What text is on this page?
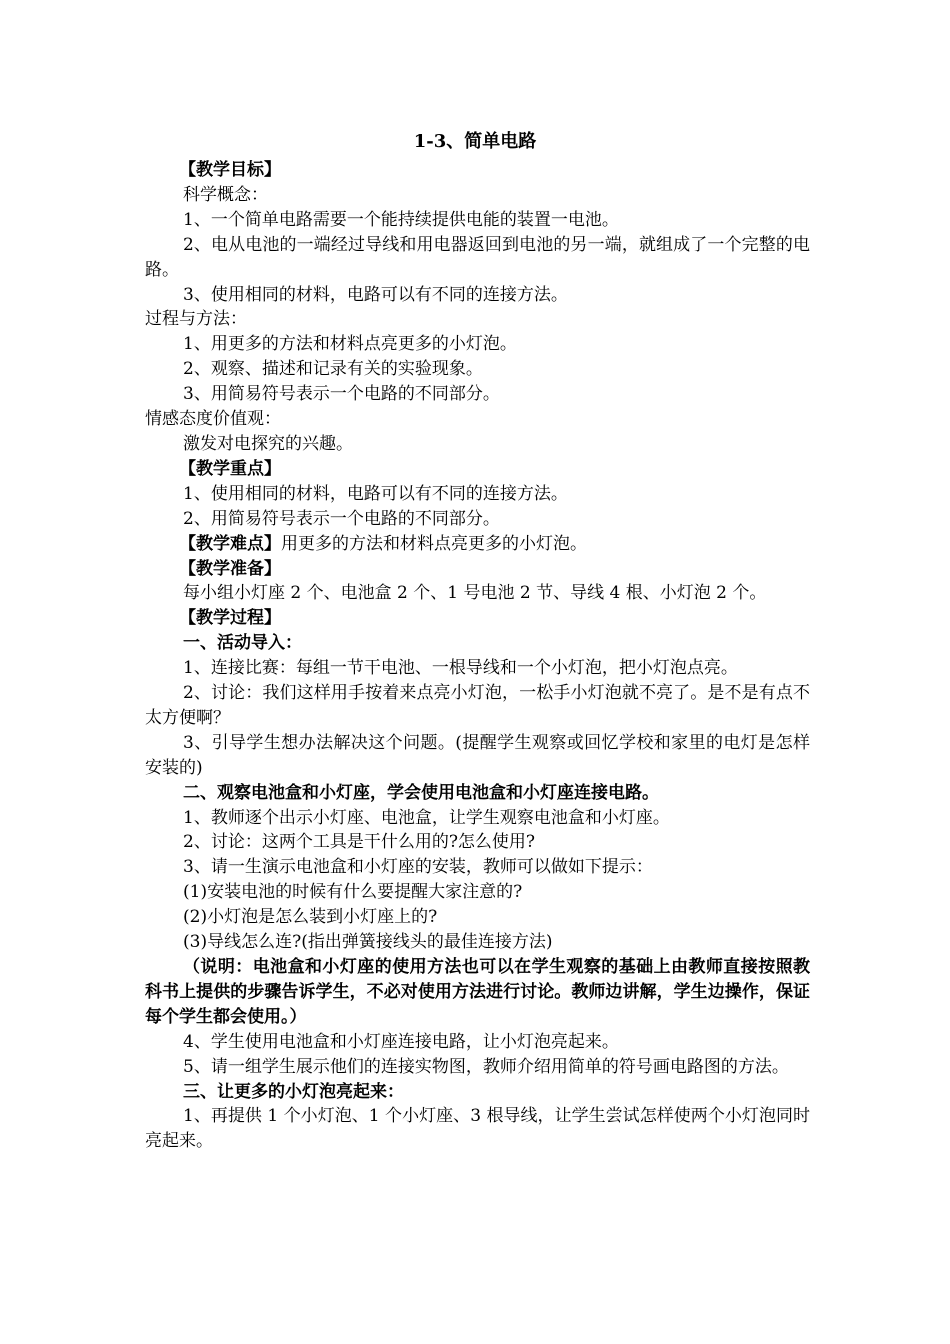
1-3、简单电路

【教学目标】

科学概念：

1、一个简单电路需要一个能持续提供电能的装置一电池。

2、电从电池的一端经过导线和用电器返回到电池的另一端，就组成了一个完整的电路。

3、使用相同的材料，电路可以有不同的连接方法。

过程与方法：

1、用更多的方法和材料点亮更多的小灯泡。

2、观察、描述和记录有关的实验现象。

3、用简易符号表示一个电路的不同部分。

情感态度价值观：

激发对电探究的兴趣。

【教学重点】

1、使用相同的材料，电路可以有不同的连接方法。

2、用简易符号表示一个电路的不同部分。

【教学难点】用更多的方法和材料点亮更多的小灯泡。

【教学准备】

每小组小灯座 2 个、电池盒 2 个、1 号电池 2 节、导线 4 根、小灯泡 2 个。

【教学过程】

一、活动导入：

1、连接比赛：每组一节干电池、一根导线和一个小灯泡，把小灯泡点亮。

2、讨论：我们这样用手按着来点亮小灯泡，一松手小灯泡就不亮了。是不是有点不太方便啊？

3、引导学生想办法解决这个问题。(提醒学生观察或回忆学校和家里的电灯是怎样安装的)

二、观察电池盒和小灯座，学会使用电池盒和小灯座连接电路。

1、教师逐个出示小灯座、电池盒，让学生观察电池盒和小灯座。

2、讨论：这两个工具是干什么用的?怎么使用?

3、请一生演示电池盒和小灯座的安装，教师可以做如下提示：

(1)安装电池的时候有什么要提醒大家注意的?

(2)小灯泡是怎么装到小灯座上的?

(3)导线怎么连?(指出弹簧接线头的最佳连接方法)

（说明：电池盒和小灯座的使用方法也可以在学生观察的基础上由教师直接按照教科书上提供的步骤告诉学生，不必对使用方法进行讨论。教师边讲解，学生边操作，保证每个学生都会使用。）

4、学生使用电池盒和小灯座连接电路，让小灯泡亮起来。

5、请一组学生展示他们的连接实物图，教师介绍用简单的符号画电路图的方法。

三、让更多的小灯泡亮起来：

1、再提供 1 个小灯泡、1 个小灯座、3 根导线，让学生尝试怎样使两个小灯泡同时亮起来。
